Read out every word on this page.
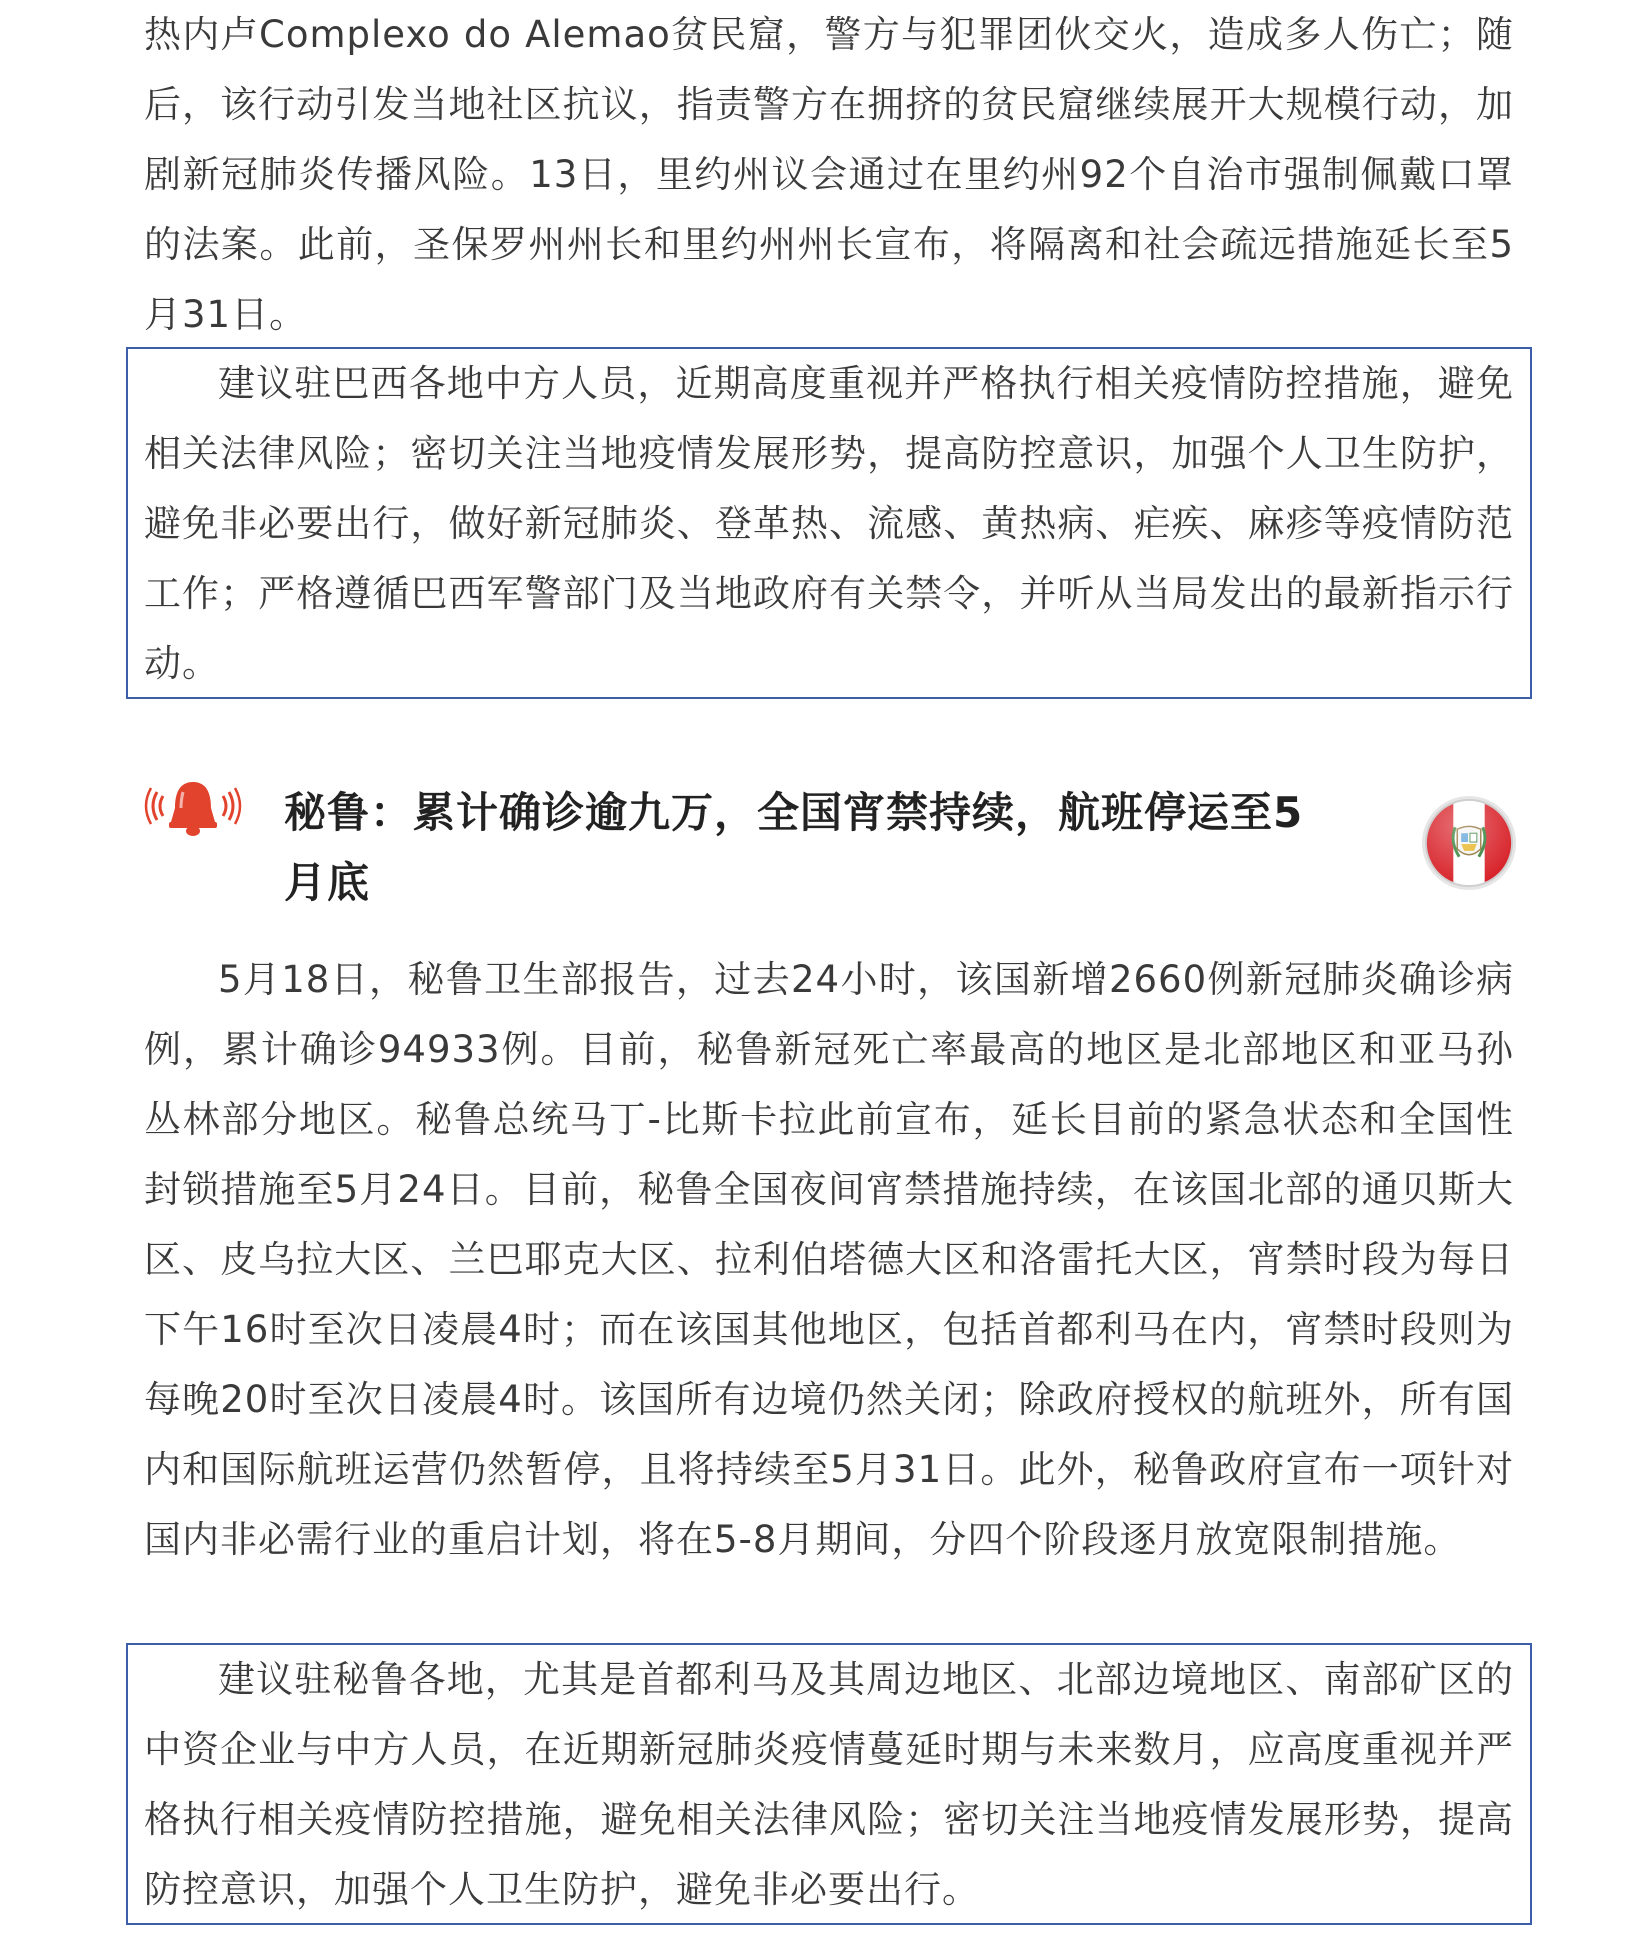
热内卢Complexo do Alemao贫民窟，警方与犯罪团伙交火，造成多人伤亡；随后，该行动引发当地社区抗议，指责警方在拥挤的贫民窟继续展开大规模行动，加剧新冠肺炎传播风险。13日，里约州议会通过在里约州92个自治市强制佩戴口罩的法案。此前，圣保罗州州长和里约州州长宣布，将隔离和社会疏远措施延长至5月31日。

建议驻巴西各地中方人员，近期高度重视并严格执行相关疫情防控措施，避免相关法律风险；密切关注当地疫情发展形势，提高防控意识，加强个人卫生防护，避免非必要出行，做好新冠肺炎、登革热、流感、黄热病、疟疾、麻疹等疫情防范工作；严格遵循巴西军警部门及当地政府有关禁令，并听从当局发出的最新指示行动。

秘鲁：累计确诊逾九万，全国宵禁持续，航班停运至5月底

5月18日，秘鲁卫生部报告，过去24小时，该国新增2660例新冠肺炎确诊病例，累计确诊94933例。目前，秘鲁新冠死亡率最高的地区是北部地区和亚马孙丛林部分地区。秘鲁总统马丁-比斯卡拉此前宣布，延长目前的紧急状态和全国性封锁措施至5月24日。目前，秘鲁全国夜间宵禁措施持续，在该国北部的通贝斯大区、皮乌拉大区、兰巴耶克大区、拉利伯塔德大区和洛雷托大区，宵禁时段为每日下午16时至次日凌晨4时；而在该国其他地区，包括首都利马在内，宵禁时段则为每晚20时至次日凌晨4时。该国所有边境仍然关闭；除政府授权的航班外，所有国内和国际航班运营仍然暂停，且将持续至5月31日。此外，秘鲁政府宣布一项针对国内非必需行业的重启计划，将在5-8月期间，分四个阶段逐月放宽限制措施。

建议驻秘鲁各地，尤其是首都利马及其周边地区、北部边境地区、南部矿区的中资企业与中方人员，在近期新冠肺炎疫情蔓延时期与未来数月，应高度重视并严格执行相关疫情防控措施，避免相关法律风险；密切关注当地疫情发展形势，提高防控意识，加强个人卫生防护，避免非必要出行。
